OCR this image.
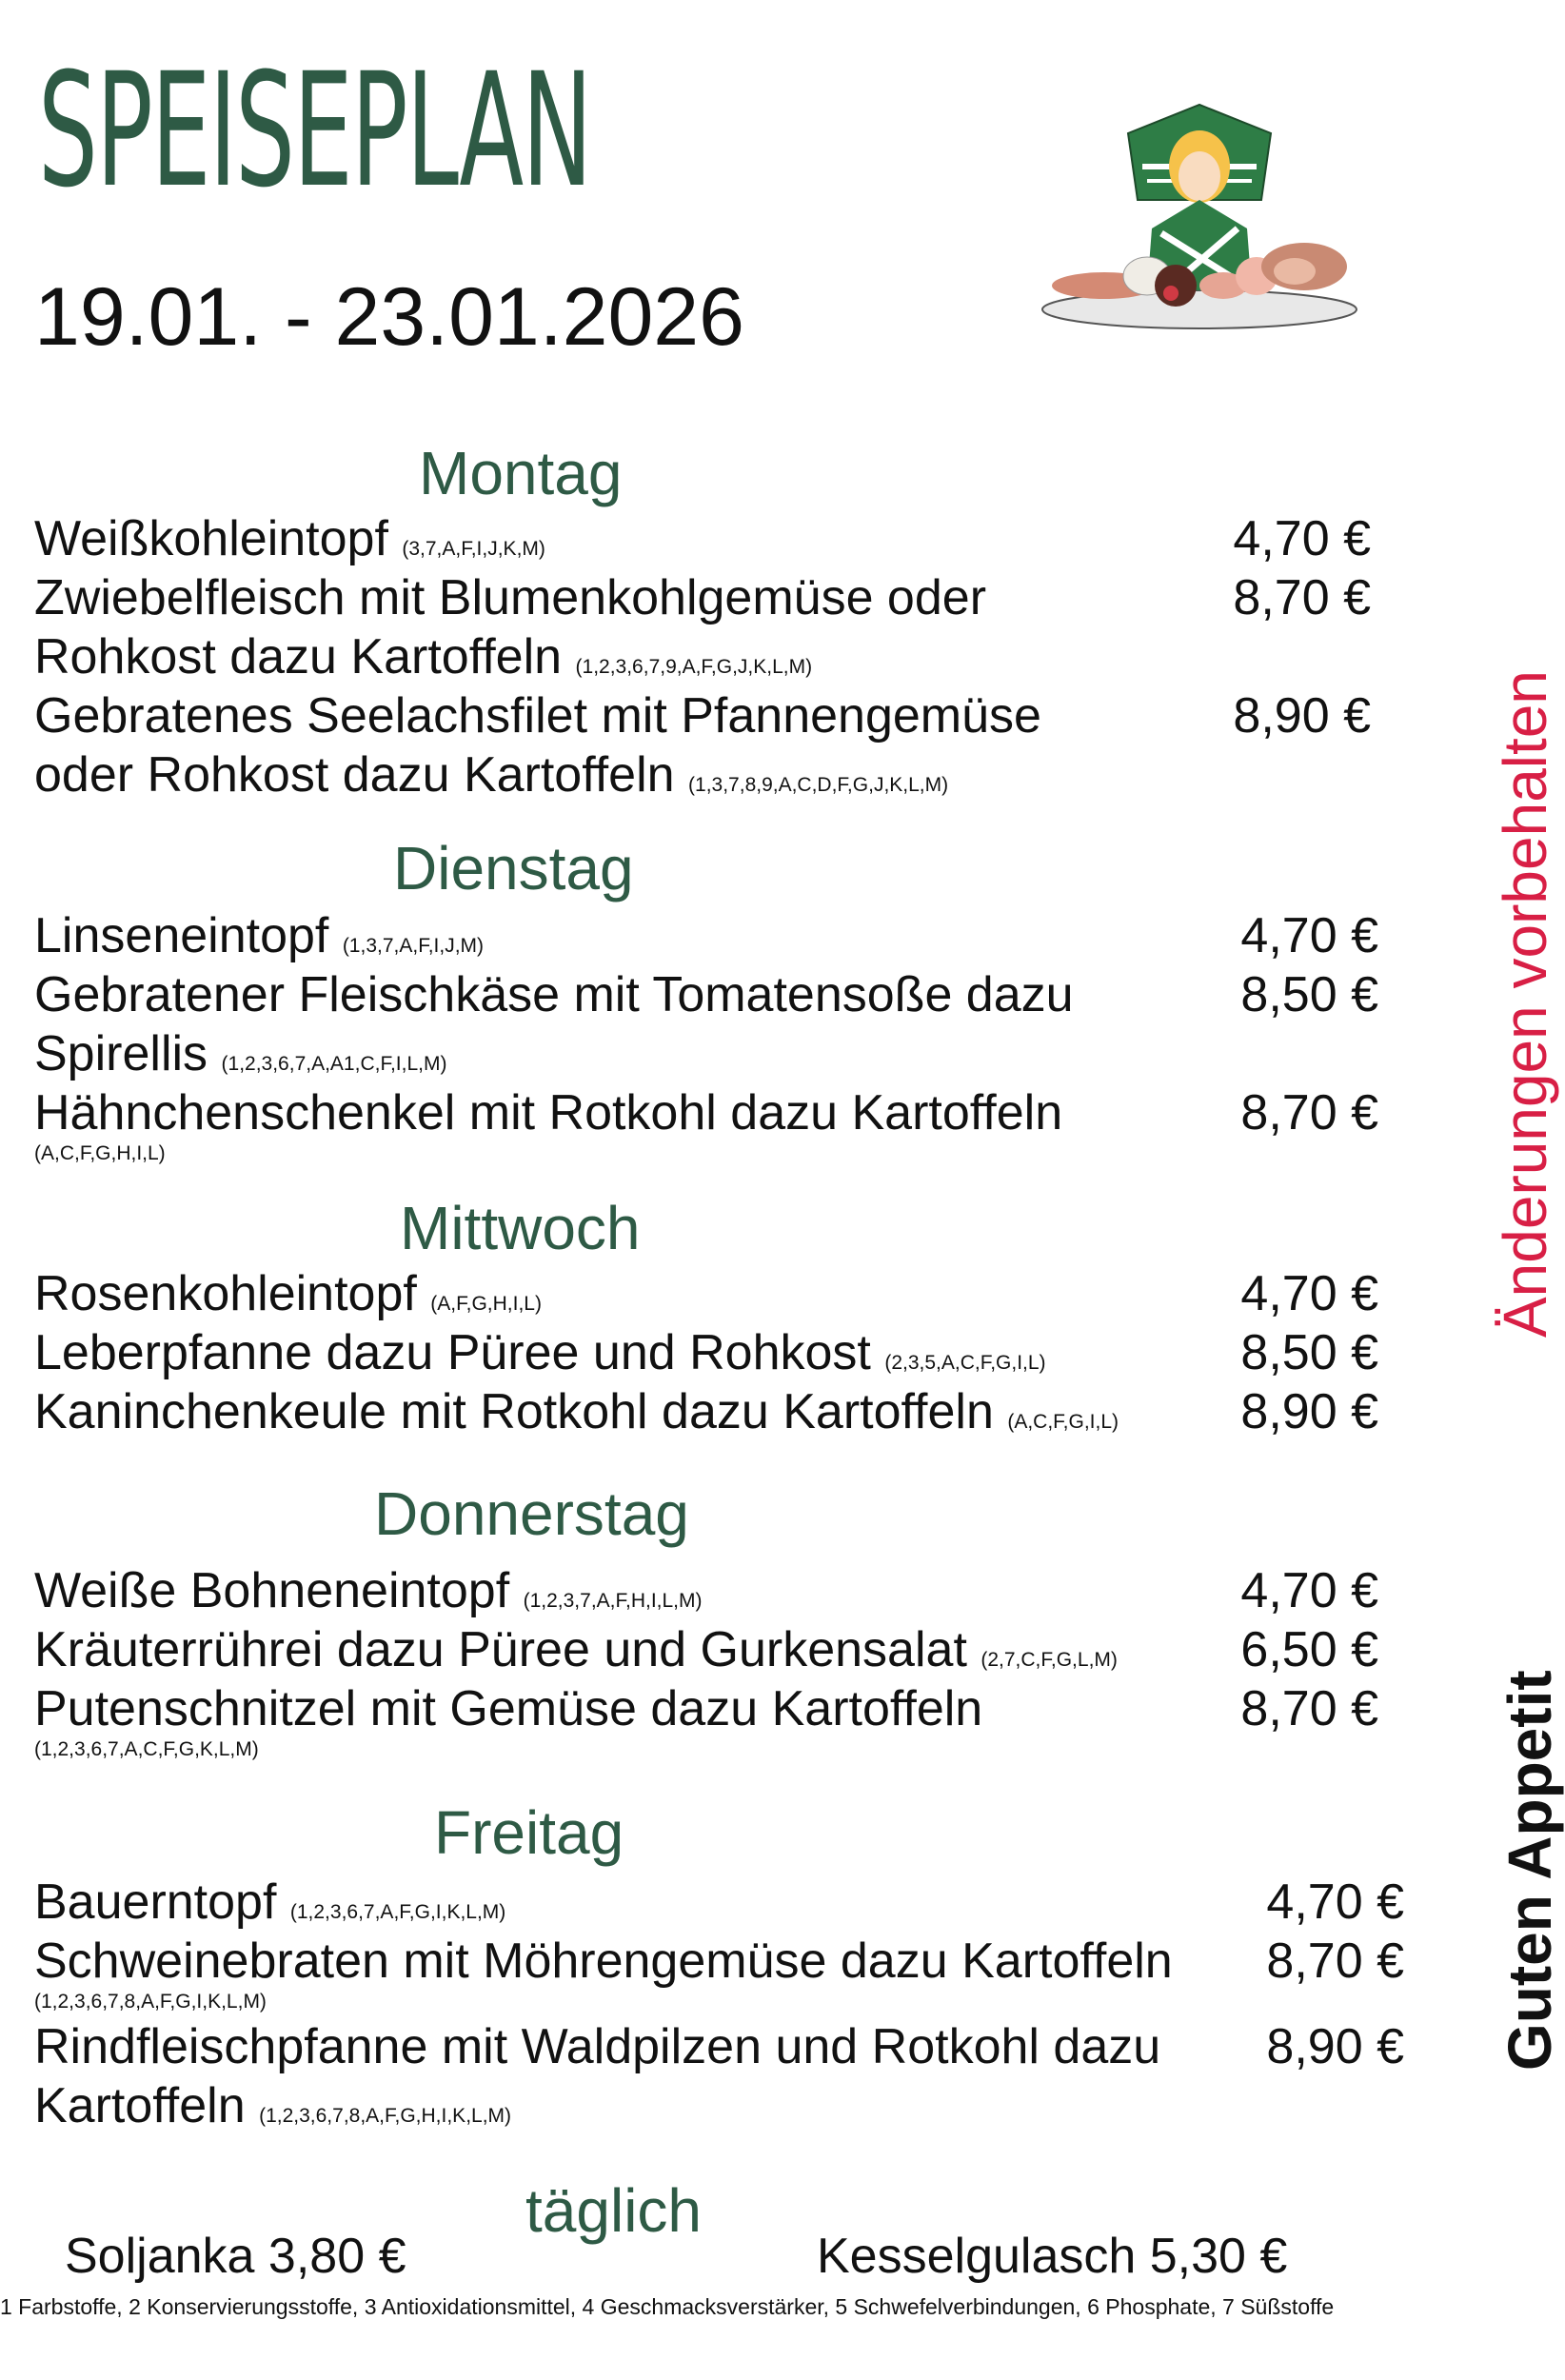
SPEISEPLAN
19.01. - 23.01.2026
Montag
Weißkohleintopf (3,7,A,F,I,J,K,M)	4,70 €
Zwiebelfleisch mit Blumenkohlgemüse oder	8,70 €
Rohkost dazu Kartoffeln (1,2,3,6,7,9,A,F,G,J,K,L,M)
Gebratenes Seelachsfilet mit Pfannengemüse	8,90 €
oder Rohkost dazu Kartoffeln (1,3,7,8,9,A,C,D,F,G,J,K,L,M)
Dienstag
Linseneintopf (1,3,7,A,F,I,J,M)	4,70 €
Gebratener Fleischkäse mit Tomatensoße dazu	8,50 €
Spirellis (1,2,3,6,7,A,A1,C,F,I,L,M)
Hähnchenschenkel mit Rotkohl dazu Kartoffeln	8,70 €
(A,C,F,G,H,I,L)
Mittwoch
Rosenkohleintopf (A,F,G,H,I,L)	4,70 €
Leberpfanne dazu Püree und Rohkost (2,3,5,A,C,F,G,I,L)	8,50 €
Kaninchenkeule mit Rotkohl dazu Kartoffeln (A,C,F,G,I,L)	8,90 €
Donnerstag
Weiße Bohneneintopf (1,2,3,7,A,F,H,I,L,M)	4,70 €
Kräuterrührei dazu Püree und Gurkensalat (2,7,C,F,G,L,M)	6,50 €
Putenschnitzel mit Gemüse dazu Kartoffeln	8,70 €
(1,2,3,6,7,A,C,F,G,K,L,M)
Freitag
Bauerntopf (1,2,3,6,7,A,F,G,I,K,L,M)	4,70 €
Schweinebraten mit Möhrengemüse dazu Kartoffeln	8,70 €
(1,2,3,6,7,8,A,F,G,I,K,L,M)
Rindfleischpfanne mit Waldpilzen und Rotkohl dazu	8,90 €
Kartoffeln (1,2,3,6,7,8,A,F,G,H,I,K,L,M)
täglich
Soljanka 3,80 €	Kesselgulasch 5,30 €
Änderungen vorbehalten
Guten Appetit
1 Farbstoffe, 2 Konservierungsstoffe, 3 Antioxidationsmittel, 4 Geschmacksverstärker, 5 Schwefelverbindungen, 6 Phosphate, 7 Süßstoffe
